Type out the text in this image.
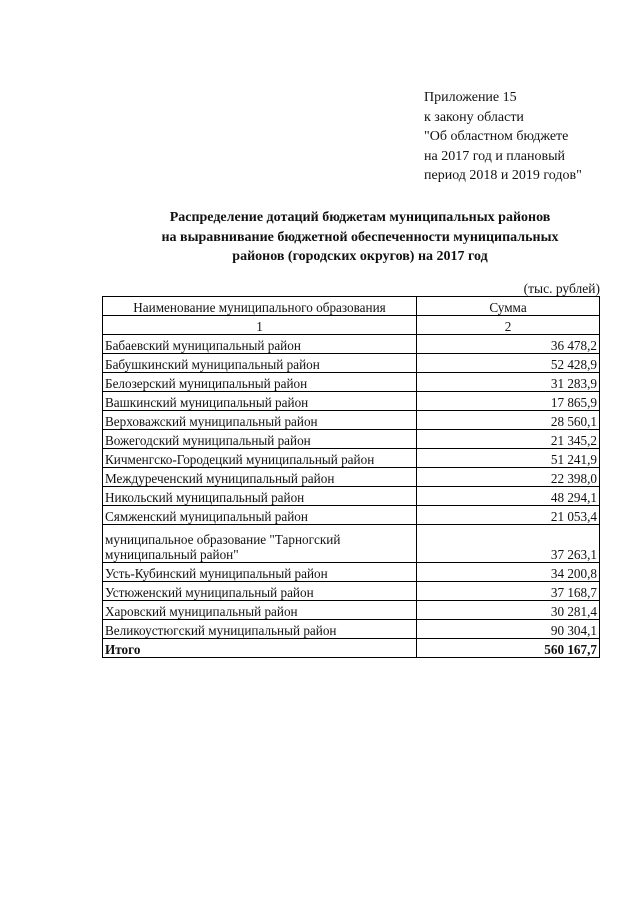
Приложение 15
к закону области
"Об областном бюджете
на 2017 год и плановый
период 2018 и 2019 годов"
Распределение дотаций бюджетам муниципальных районов
на выравнивание бюджетной обеспеченности муниципальных
районов (городских округов) на 2017 год
(тыс. рублей)
Наименование муниципального образования	Сумма
1	2
Бабаевский муниципальный район	36 478,2
Бабушкинский муниципальный район	52 428,9
Белозерский муниципальный район	31 283,9
Вашкинский муниципальный район	17 865,9
Верховажский муниципальный район	28 560,1
Вожегодский муниципальный район	21 345,2
Кичменгско-Городецкий муниципальный район	51 241,9
Междуреченский муниципальный район	22 398,0
Никольский муниципальный район	48 294,1
Сямженский муниципальный район	21 053,4
муниципальное образование "Тарногский муниципальный район"	37 263,1
Усть-Кубинский муниципальный район	34 200,8
Устюженский муниципальный район	37 168,7
Харовский муниципальный район	30 281,4
Великоустюгский муниципальный район	90 304,1
Итого	560 167,7
